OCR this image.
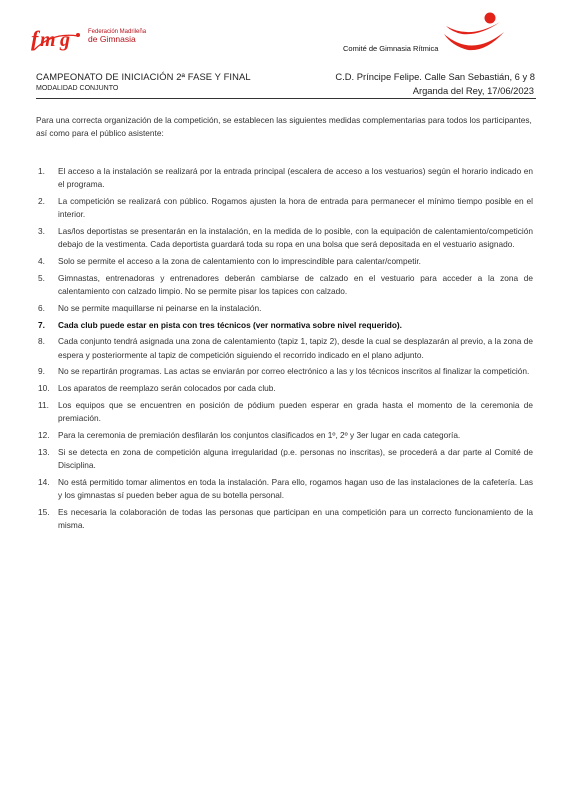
f m g	Federación Madrileña
de Gimnasia
Comité de Gimnasia Rítmica
CAMPEONATO DE INICIACIÓN 2ª FASE Y FINAL
MODALIDAD CONJUNTO
C.D. Príncipe Felipe. Calle San Sebastián, 6 y 8
Arganda del Rey, 17/06/2023
Para una correcta organización de la competición, se establecen las siguientes medidas complementarias para todos los participantes, así como para el público asistente:
1. El acceso a la instalación se realizará por la entrada principal (escalera de acceso a los vestuarios) según el horario indicado en el programa.
2. La competición se realizará con público. Rogamos ajusten la hora de entrada para permanecer el mínimo tiempo posible en el interior.
3. Las/los deportistas se presentarán en la instalación, en la medida de lo posible, con la equipación de calentamiento/competición debajo de la vestimenta. Cada deportista guardará toda su ropa en una bolsa que será depositada en el vestuario asignado.
4. Solo se permite el acceso a la zona de calentamiento con lo imprescindible para calentar/competir.
5. Gimnastas, entrenadoras y entrenadores deberán cambiarse de calzado en el vestuario para acceder a la zona de calentamiento con calzado limpio. No se permite pisar los tapices con calzado.
6. No se permite maquillarse ni peinarse en la instalación.
7. Cada club puede estar en pista con tres técnicos (ver normativa sobre nivel requerido).
8. Cada conjunto tendrá asignada una zona de calentamiento (tapiz 1, tapiz 2), desde la cual se desplazarán al previo, a la zona de espera y posteriormente al tapiz de competición siguiendo el recorrido indicado en el plano adjunto.
9. No se repartirán programas. Las actas se enviarán por correo electrónico a las y los técnicos inscritos al finalizar la competición.
10. Los aparatos de reemplazo serán colocados por cada club.
11. Los equipos que se encuentren en posición de pódium pueden esperar en grada hasta el momento de la ceremonia de premiación.
12. Para la ceremonia de premiación desfilarán los conjuntos clasificados en 1º, 2º y 3er lugar en cada categoría.
13. Si se detecta en zona de competición alguna irregularidad (p.e. personas no inscritas), se procederá a dar parte al Comité de Disciplina.
14. No está permitido tomar alimentos en toda la instalación. Para ello, rogamos hagan uso de las instalaciones de la cafetería. Las y los gimnastas sí pueden beber agua de su botella personal.
15. Es necesaria la colaboración de todas las personas que participan en una competición para un correcto funcionamiento de la misma.
